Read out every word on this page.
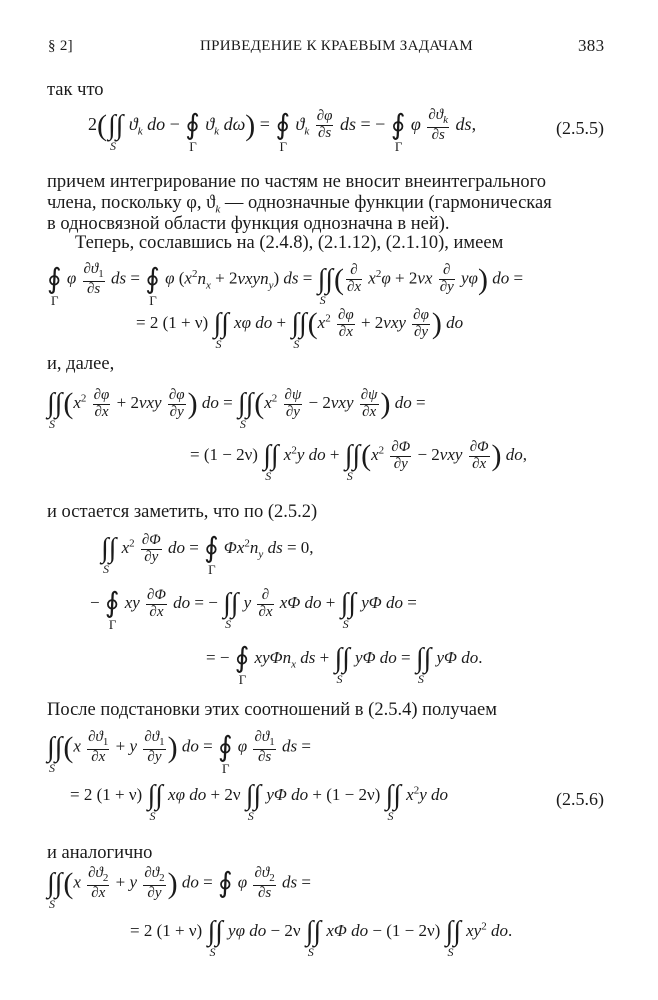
§ 2]	ПРИВЕДЕНИЕ К КРАЕВЫМ ЗАДАЧАМ	383
так что
2(∫∫
S
$ϑ_k$ do − ∮
Γ
$ϑ_k$ dω) = ∮
Γ
$ϑ_k \frac{\partial\varphi}{\partial s}$ ds = − ∮
Γ
φ $\frac{\partial ϑ_k}{\partial s}$ ds,	(2.5.5)
причем интегрирование по частям не вносит внеинтегрального
члена, поскольку φ, $ϑ_k$ — однозначные функции (гармоническая
в односвязной области функция однозначна в ней).
Теперь, сославшись на (2.4.8), (2.1.12), (2.1.10), имеем
∮
Γ
φ $\frac{\partial ϑ_1}{\partial s}$ ds = ∮
Γ
φ $(x^2n_x + 2\nu xyn_y)$ ds = ∫∫
S
( $\frac{\partial}{\partial x} x^2\varphi + 2\nu x \frac{\partial}{\partial y} y\varphi$) do =
= 2 (1 + ν) ∫∫
S
xφ do + ∫∫
S
($x^2 \frac{\partial\varphi}{\partial x} + 2\nu xy \frac{\partial\varphi}{\partial y}$ ) do
и, далее,
∫∫
S
($x^2 \frac{\partial\varphi}{\partial x} + 2\nu xy \frac{\partial\varphi}{\partial y}$ ) do = ∫∫
S
($x^2 \frac{\partial\psi}{\partial y} - 2\nu xy \frac{\partial\psi}{\partial x}$ ) do =
= (1 − 2ν) ∫∫
S
$x^2y$ do + ∫∫
S
($x^2 \frac{\partial\Phi}{\partial y} - 2\nu xy \frac{\partial\Phi}{\partial x}$ ) do,
и остается заметить, что по (2.5.2)
∫∫
S
$x^2 \frac{\partial\Phi}{\partial y}$ do = ∮
Γ
$\Phi x^2n_y$ ds = 0,
− ∮
Γ
xy $\frac{\partial\Phi}{\partial x}$ do = − ∫∫
S
y $\frac{\partial}{\partial x}$ xΦ do + ∫∫
S
yΦ do =
= − ∮
Γ
xyΦn$_x$ ds + ∫∫
S
yΦ do = ∫∫
S
yΦ do.
После подстановки этих соотношений в (2.5.4) получаем
∫∫
S
($x \frac{\partial ϑ_1}{\partial x} + y \frac{\partial ϑ_1}{\partial y}$ ) do = ∮
Γ
φ $\frac{\partial ϑ_1}{\partial s}$ ds =
= 2 (1 + ν) ∫∫
S
xφ do + 2ν ∫∫
S
yΦ do + (1 − 2ν) ∫∫
S
$x^2y$ do	(2.5.6)
и аналогично
∫∫
S
($x \frac{\partial ϑ_2}{\partial x} + y \frac{\partial ϑ_2}{\partial y}$ ) do = ∮ φ $\frac{\partial ϑ_2}{\partial s}$ ds =
= 2 (1 + ν) ∫∫
S
yφ do − 2ν ∫∫
S
xΦ do − (1 − 2ν) ∫∫
S
$xy^2$ do.
